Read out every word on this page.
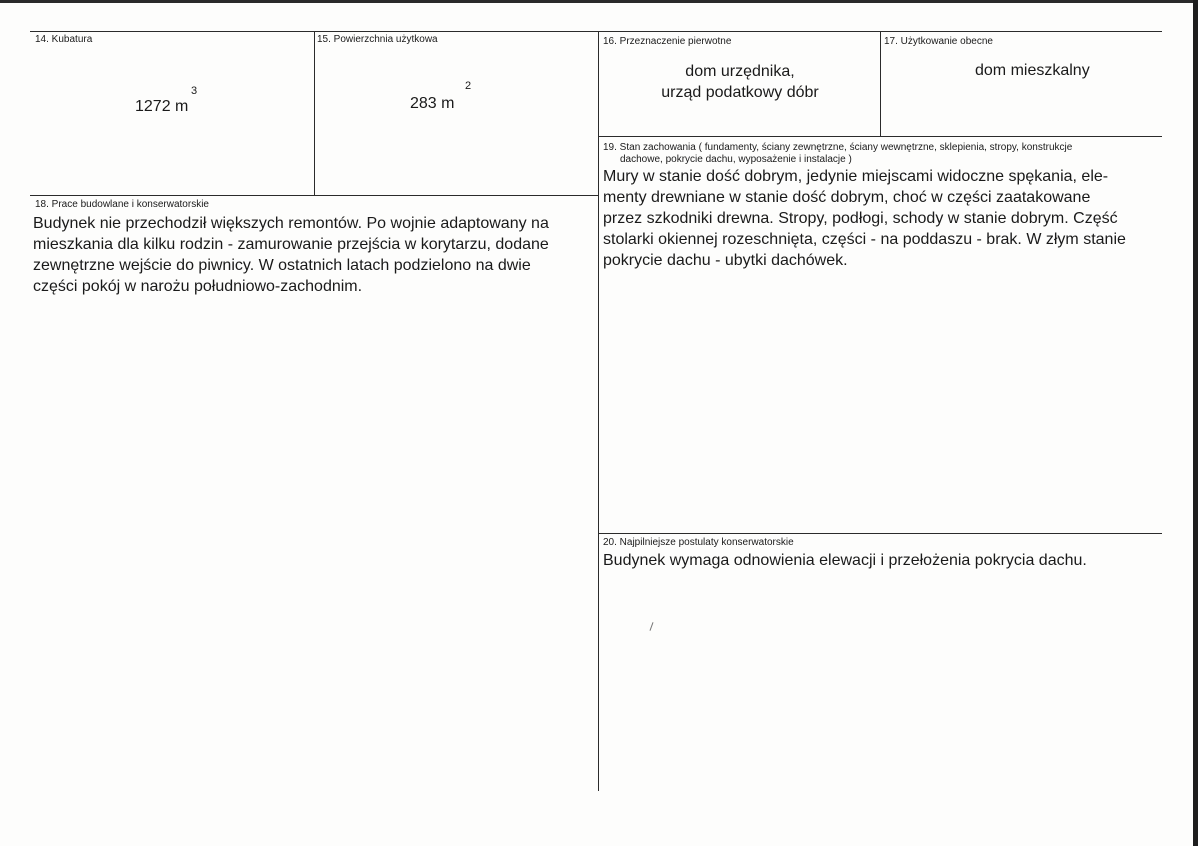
14. Kubatura
1272 m
3
15. Powierzchnia użytkowa
283 m
2
16. Przeznaczenie pierwotne
dom urzędnika,
urząd podatkowy dóbr
17. Użytkowanie obecne
dom mieszkalny
18. Prace budowlane i konserwatorskie
Budynek nie przechodził większych remontów. Po wojnie adaptowany na
mieszkania dla kilku rodzin - zamurowanie przejścia w korytarzu, dodane
zewnętrzne wejście do piwnicy. W ostatnich latach podzielono na dwie
części pokój w narożu południowo-zachodnim.
19. Stan zachowania ( fundamenty, ściany zewnętrzne, ściany wewnętrzne, sklepienia, stropy, konstrukcje
dachowe, pokrycie dachu, wyposażenie i instalacje )
Mury w stanie dość dobrym, jedynie miejscami widoczne spękania, ele-
menty drewniane w stanie dość dobrym, choć w części zaatakowane
przez szkodniki drewna. Stropy, podłogi, schody w stanie dobrym. Część
stolarki okiennej rozeschnięta, części - na poddaszu - brak. W złym stanie
pokrycie dachu - ubytki dachówek.
20. Najpilniejsze postulaty konserwatorskie
Budynek wymaga odnowienia elewacji i przełożenia pokrycia dachu.
